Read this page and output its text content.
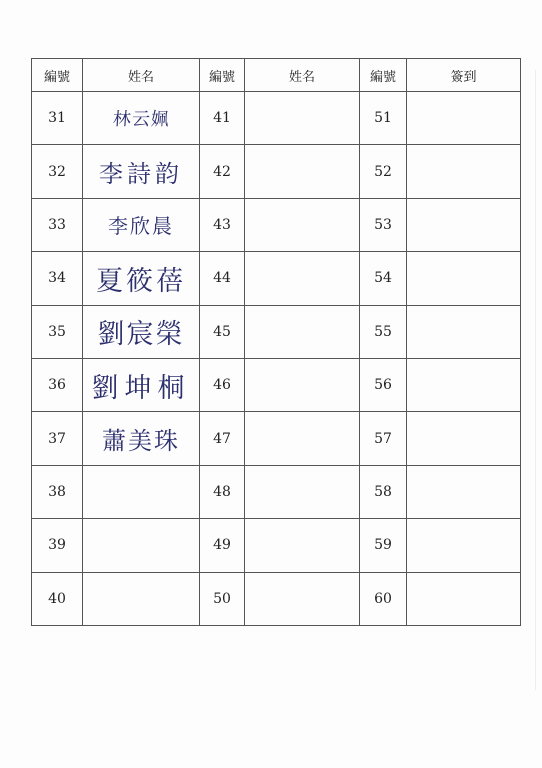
編號	姓名	編號	姓名	編號	簽到
31	林云姵	41		51	
32	李詩韵	42		52	
33	李欣晨	43		53	
34	夏筱蓓	44		54	
35	劉宸榮	45		55	
36	劉坤桐	46		56	
37	蕭美珠	47		57	
38		48		58	
39		49		59	
40		50		60	
